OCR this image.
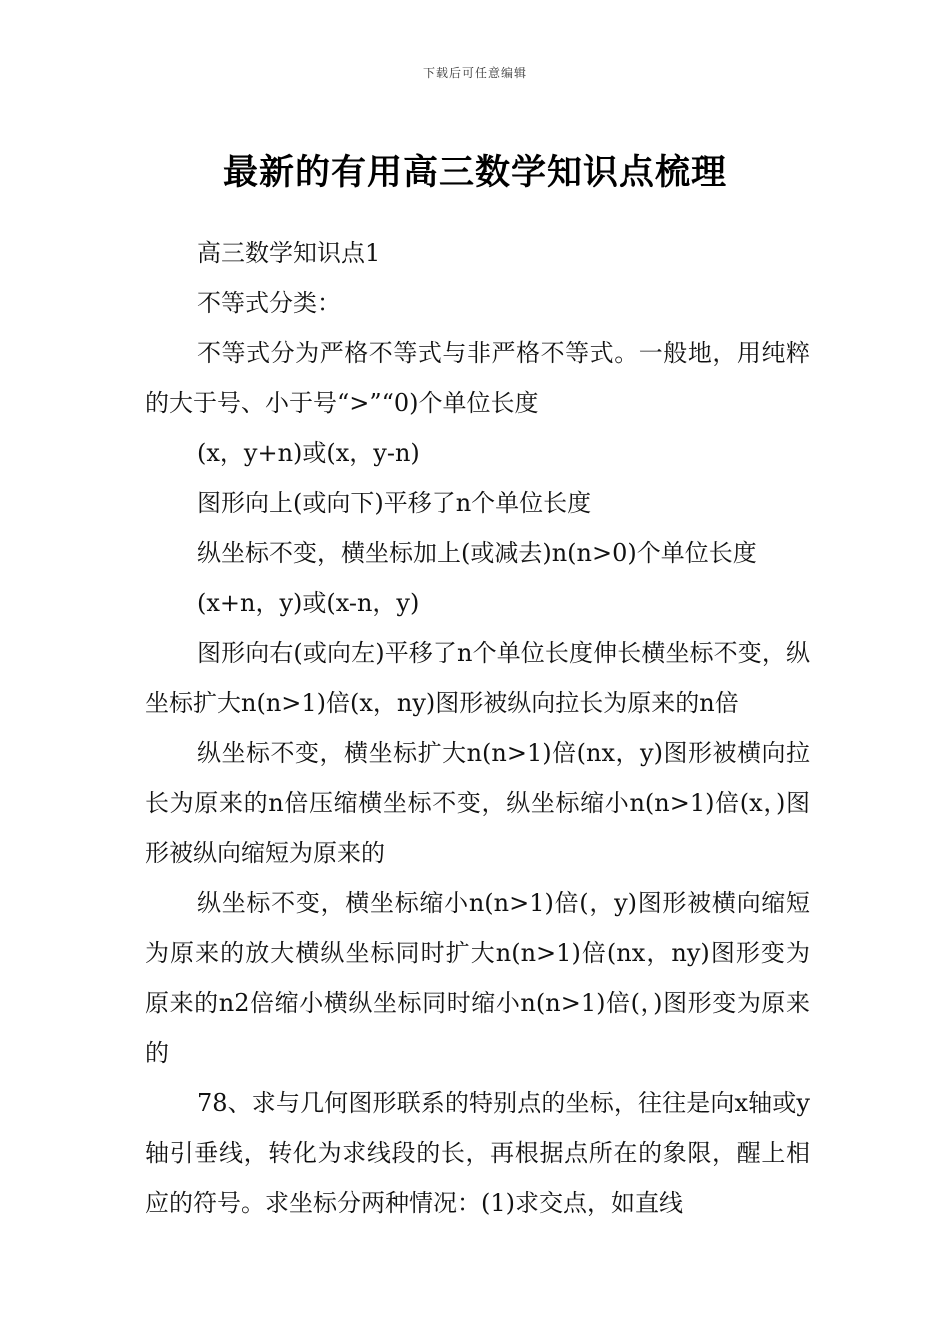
下载后可任意编辑
最新的有用高三数学知识点梳理

高三数学知识点1

不等式分类：

不等式分为严格不等式与非严格不等式。一般地，用纯粹的大于号、小于号“>”“0)个单位长度

(x，y+n)或(x，y-n)

图形向上(或向下)平移了n个单位长度

纵坐标不变，横坐标加上(或减去)n(n>0)个单位长度

(x+n，y)或(x-n，y)

图形向右(或向左)平移了n个单位长度伸长横坐标不变，纵坐标扩大n(n>1)倍(x，ny)图形被纵向拉长为原来的n倍

纵坐标不变，横坐标扩大n(n>1)倍(nx，y)图形被横向拉长为原来的n倍压缩横坐标不变，纵坐标缩小n(n>1)倍(x，)图形被纵向缩短为原来的

纵坐标不变，横坐标缩小n(n>1)倍(，y)图形被横向缩短为原来的放大横纵坐标同时扩大n(n>1)倍(nx，ny)图形变为原来的n2倍缩小横纵坐标同时缩小n(n>1)倍(，)图形变为原来的

78、求与几何图形联系的特别点的坐标，往往是向x轴或y轴引垂线，转化为求线段的长，再根据点所在的象限，醒上相应的符号。求坐标分两种情况：(1)求交点，如直线
